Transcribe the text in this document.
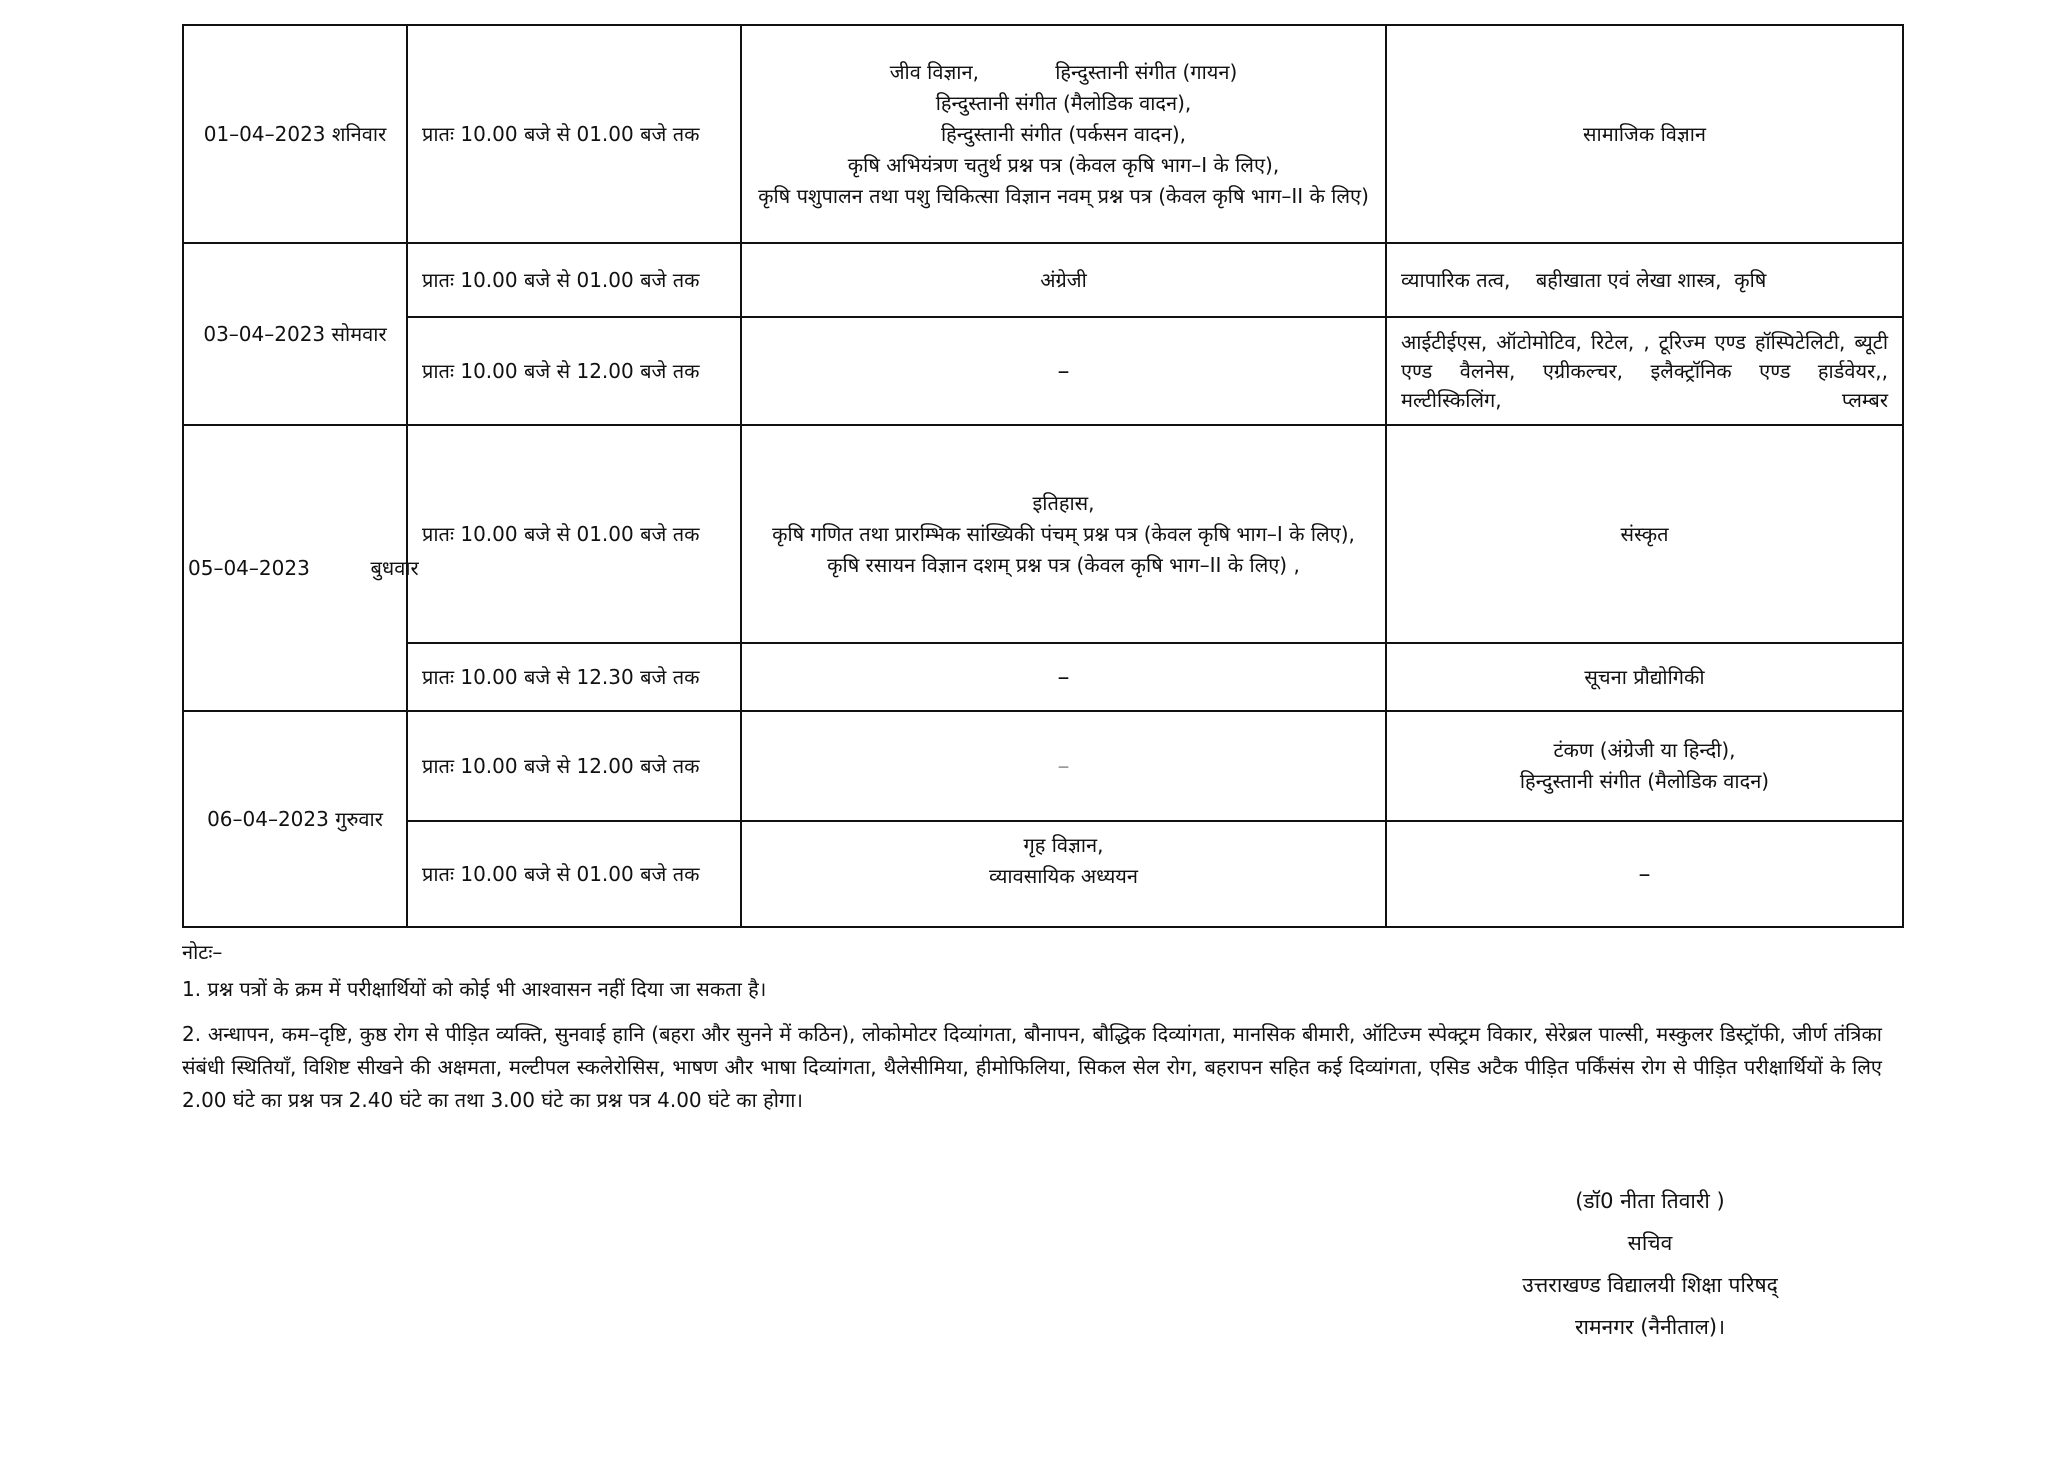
01–04–2023 शनिवार	प्रातः 10.00 बजे से 01.00 बजे तक	जीव विज्ञान,            हिन्दुस्तानी संगीत (गायन)
हिन्दुस्तानी संगीत (मैलोडिक वादन),
हिन्दुस्तानी संगीत (पर्कसन वादन),
कृषि अभियंत्रण चतुर्थ प्रश्न पत्र (केवल कृषि भाग–I के लिए),
कृषि पशुपालन तथा पशु चिकित्सा विज्ञान नवम् प्रश्न पत्र (केवल कृषि भाग–II के लिए)	सामाजिक विज्ञान
03–04–2023 सोमवार	प्रातः 10.00 बजे से 01.00 बजे तक	अंग्रेजी	व्यापारिक तत्व,    बहीखाता एवं लेखा शास्त्र,  कृषि
	प्रातः 10.00 बजे से 12.00 बजे तक	–	आईटीईएस, ऑटोमोटिव, रिटेल, , टूरिज्म एण्ड हॉस्पिटेलिटी, ब्यूटी एण्ड वैलनेस, एग्रीकल्चर, इलैक्ट्रॉनिक एण्ड हार्डवेयर,, मल्टीस्किलिंग, प्लम्बर
05–04–2023 बुधवार	प्रातः 10.00 बजे से 01.00 बजे तक	इतिहास,
कृषि गणित तथा प्रारम्भिक सांख्यिकी पंचम् प्रश्न पत्र (केवल कृषि भाग–I के लिए),
कृषि रसायन विज्ञान दशम् प्रश्न पत्र (केवल कृषि भाग–II के लिए) ,	संस्कृत
	प्रातः 10.00 बजे से 12.30 बजे तक	–	सूचना प्रौद्योगिकी
06–04–2023 गुरुवार	प्रातः 10.00 बजे से 12.00 बजे तक	–	टंकण (अंग्रेजी या हिन्दी),
हिन्दुस्तानी संगीत (मैलोडिक वादन)

	प्रातः 10.00 बजे से 01.00 बजे तक	गृह विज्ञान,
व्यावसायिक अध्ययन	–

नोटः–

1. प्रश्न पत्रों के क्रम में परीक्षार्थियों को कोई भी आश्वासन नहीं दिया जा सकता है।

2. अन्धापन, कम–दृष्टि, कुष्ठ रोग से पीड़ित व्यक्ति, सुनवाई हानि (बहरा और सुनने में कठिन), लोकोमोटर दिव्यांगता, बौनापन, बौद्धिक दिव्यांगता, मानसिक बीमारी, ऑटिज्म स्पेक्ट्रम विकार, सेरेब्रल पाल्सी, मस्कुलर डिस्ट्रॉफी, जीर्ण तंत्रिका संबंधी स्थितियॉं, विशिष्ट सीखने की अक्षमता, मल्टीपल स्कलेरोसिस, भाषण और भाषा दिव्यांगता, थैलेसीमिया, हीमोफिलिया, सिकल सेल रोग, बहरापन सहित कई दिव्यांगता, एसिड अटैक पीड़ित पर्किंसंस रोग से पीड़ित परीक्षार्थियों के लिए 2.00 घंटे का प्रश्न पत्र 2.40 घंटे का तथा 3.00 घंटे का प्रश्न पत्र 4.00 घंटे का होगा।

(डॉ0 नीता तिवारी )
सचिव
उत्तराखण्ड विद्यालयी शिक्षा परिषद्
रामनगर (नैनीताल)।
